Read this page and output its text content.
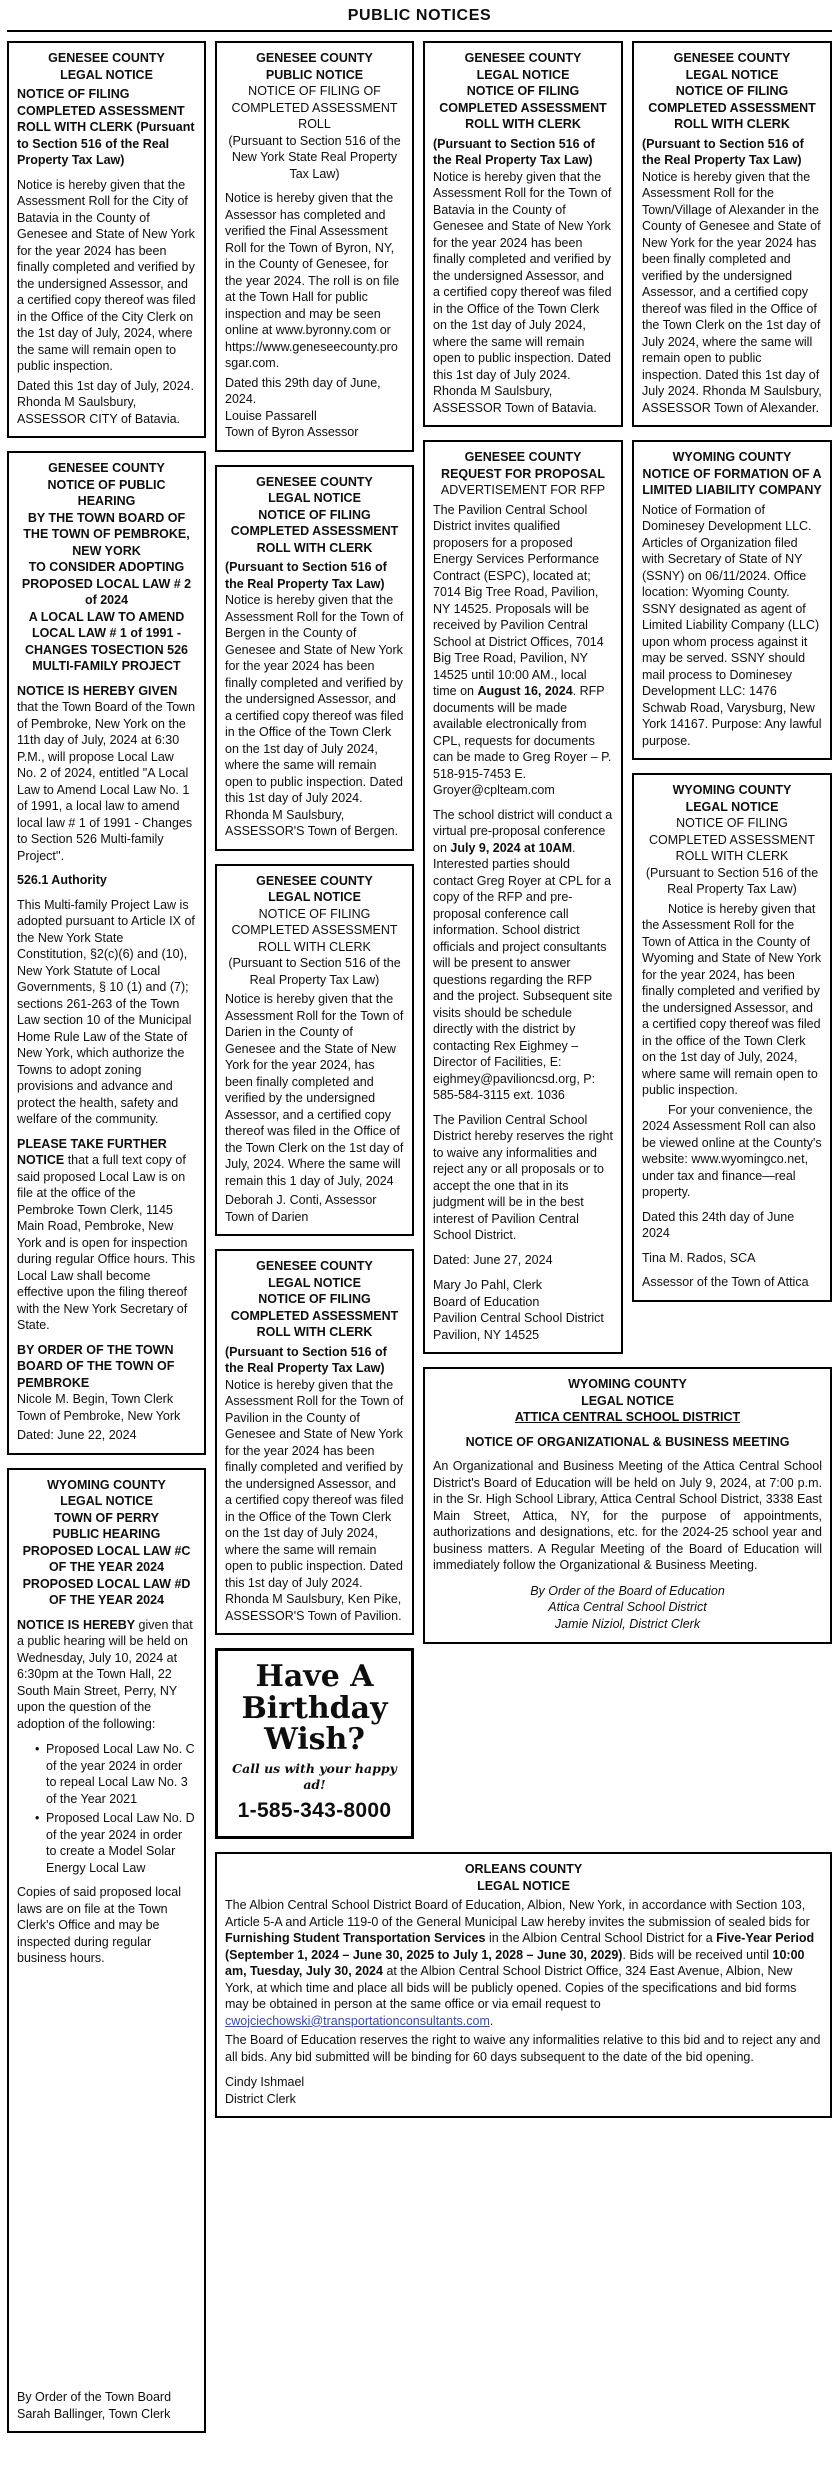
PUBLIC NOTICES
GENESEE COUNTY
LEGAL NOTICE

NOTICE OF FILING COMPLETED ASSESSMENT ROLL WITH CLERK (Pursuant to Section 516 of the Real Property Tax Law)

Notice is hereby given that the Assessment Roll for the City of Batavia in the County of Genesee and State of New York for the year 2024 has been finally completed and verified by the undersigned Assessor, and a certified copy thereof was filed in the Office of the City Clerk on the 1st day of July, 2024, where the same will remain open to public inspection.

Dated this 1st day of July, 2024. Rhonda M Saulsbury, ASSESSOR CITY of Batavia.

GENESEE COUNTY
NOTICE OF PUBLIC HEARING
BY THE TOWN BOARD OF THE TOWN OF PEMBROKE, NEW YORK
TO CONSIDER ADOPTING PROPOSED LOCAL LAW # 2 of 2024
A LOCAL LAW TO AMEND LOCAL LAW # 1 of 1991 - CHANGES TOSECTION 526 MULTI-FAMILY PROJECT

NOTICE IS HEREBY GIVEN that the Town Board of the Town of Pembroke, New York on the 11th day of July, 2024 at 6:30 P.M., will propose Local Law No. 2 of 2024, entitled "A Local Law to Amend Local Law No. 1 of 1991, a local law to amend local law # 1 of 1991 - Changes to Section 526 Multi-family Project''.

526.1 Authority

This Multi-family Project Law is adopted pursuant to Article IX of the New York State Constitution, §2(c)(6) and (10), New York Statute of Local Governments, § 10 (1) and (7); sections 261-263 of the Town Law section 10 of the Municipal Home Rule Law of the State of New York, which authorize the Towns to adopt zoning provisions and advance and protect the health, safety and welfare of the community.

PLEASE TAKE FURTHER NOTICE that a full text copy of said proposed Local Law is on file at the office of the Pembroke Town Clerk, 1145 Main Road, Pembroke, New York and is open for inspection during regular Office hours. This Local Law shall become effective upon the filing thereof with the New York Secretary of State.

BY ORDER OF THE TOWN BOARD OF THE TOWN OF PEMBROKE

Nicole M. Begin, Town Clerk
Town of Pembroke, New York

Dated: June 22, 2024

WYOMING COUNTY
LEGAL NOTICE
TOWN OF PERRY
PUBLIC HEARING
PROPOSED LOCAL LAW #C OF THE YEAR 2024
PROPOSED LOCAL LAW #D OF THE YEAR 2024

NOTICE IS HEREBY given that a public hearing will be held on Wednesday, July 10, 2024 at 6:30pm at the Town Hall, 22 South Main Street, Perry, NY upon the question of the adoption of the following:

• Proposed Local Law No. C of the year 2024 in order to repeal Local Law No. 3 of the Year 2021
• Proposed Local Law No. D of the year 2024 in order to create a Model Solar Energy Local Law

Copies of said proposed local laws are on file at the Town Clerk's Office and may be inspected during regular business hours.

By Order of the Town Board

Sarah Ballinger, Town Clerk
GENESEE COUNTY
PUBLIC NOTICE
NOTICE OF FILING OF COMPLETED ASSESSMENT ROLL
(Pursuant to Section 516 of the New York State Real Property Tax Law)

Notice is hereby given that the Assessor has completed and verified the Final Assessment Roll for the Town of Byron, NY, in the County of Genesee, for the year 2024. The roll is on file at the Town Hall for public inspection and may be seen online at www.byronny.com or https://www.geneseecounty.prosgar.com.

Dated this 29th day of June, 2024.

Louise Passarell
Town of Byron Assessor
GENESEE COUNTY
LEGAL NOTICE
NOTICE OF FILING COMPLETED ASSESSMENT ROLL WITH CLERK

(Pursuant to Section 516 of the Real Property Tax Law) Notice is hereby given that the Assessment Roll for the Town of Bergen in the County of Genesee and State of New York for the year 2024 has been finally completed and verified by the undersigned Assessor, and a certified copy thereof was filed in the Office of the Town Clerk on the 1st day of July 2024, where the same will remain open to public inspection. Dated this 1st day of July 2024. Rhonda M Saulsbury, ASSESSOR'S Town of Bergen.

GENESEE COUNTY
LEGAL NOTICE
NOTICE OF FILING COMPLETED ASSESSMENT ROLL WITH CLERK
(Pursuant to Section 516 of the Real Property Tax Law)

Notice is hereby given that the Assessment Roll for the Town of Darien in the County of Genesee and the State of New York for the year 2024, has been finally completed and verified by the undersigned Assessor, and a certified copy thereof was filed in the Office of the Town Clerk on the 1st day of July, 2024. Where the same will remain this 1 day of July, 2024

Deborah J. Conti, Assessor Town of Darien

GENESEE COUNTY
LEGAL NOTICE
NOTICE OF FILING COMPLETED ASSESSMENT ROLL WITH CLERK

(Pursuant to Section 516 of the Real Property Tax Law) Notice is hereby given that the Assessment Roll for the Town of Pavilion in the County of Genesee and State of New York for the year 2024 has been finally completed and verified by the undersigned Assessor, and a certified copy thereof was filed in the Office of the Town Clerk on the 1st day of July 2024, where the same will remain open to public inspection. Dated this 1st day of July 2024. Rhonda M Saulsbury, Ken Pike, ASSESSOR'S Town of Pavilion.

Have A
Birthday
Wish?
Call us with your happy ad!
1-585-343-8000
GENESEE COUNTY
LEGAL NOTICE
NOTICE OF FILING COMPLETED ASSESSMENT ROLL WITH CLERK

(Pursuant to Section 516 of the Real Property Tax Law) Notice is hereby given that the Assessment Roll for the Town of Batavia in the County of Genesee and State of New York for the year 2024 has been finally completed and verified by the undersigned Assessor, and a certified copy thereof was filed in the Office of the Town Clerk on the 1st day of July 2024, where the same will remain open to public inspection. Dated this 1st day of July 2024. Rhonda M Saulsbury, ASSESSOR Town of Batavia.

GENESEE COUNTY
REQUEST FOR PROPOSAL
ADVERTISEMENT FOR RFP

The Pavilion Central School District invites qualified proposers for a proposed Energy Services Performance Contract (ESPC), located at; 7014 Big Tree Road, Pavilion, NY 14525. Proposals will be received by Pavilion Central School at District Offices, 7014 Big Tree Road, Pavilion, NY 14525 until 10:00 AM., local time on August 16, 2024. RFP documents will be made available electronically from CPL, requests for documents can be made to Greg Royer – P. 518-915-7453 E. Groyer@cplteam.com

The school district will conduct a virtual pre-proposal conference on July 9, 2024 at 10AM. Interested parties should contact Greg Royer at CPL for a copy of the RFP and pre-proposal conference call information. School district officials and project consultants will be present to answer questions regarding the RFP and the project. Subsequent site visits should be schedule directly with the district by contacting Rex Eighmey – Director of Facilities, E: eighmey@pavilioncsd.org, P: 585-584-3115 ext. 1036

The Pavilion Central School District hereby reserves the right to waive any informalities and reject any or all proposals or to accept the one that in its judgment will be in the best interest of Pavilion Central School District.

Dated: June 27, 2024

Mary Jo Pahl, Clerk
Board of Education
Pavilion Central School District
Pavilion, NY 14525
GENESEE COUNTY
LEGAL NOTICE
NOTICE OF FILING COMPLETED ASSESSMENT ROLL WITH CLERK

(Pursuant to Section 516 of the Real Property Tax Law) Notice is hereby given that the Assessment Roll for the Town/Village of Alexander in the County of Genesee and State of New York for the year 2024 has been finally completed and verified by the undersigned Assessor, and a certified copy thereof was filed in the Office of the Town Clerk on the 1st day of July 2024, where the same will remain open to public inspection. Dated this 1st day of July 2024. Rhonda M Saulsbury, ASSESSOR Town of Alexander.

WYOMING COUNTY
NOTICE OF FORMATION OF A LIMITED LIABILITY COMPANY

Notice of Formation of Dominesey Development LLC. Articles of Organization filed with Secretary of State of NY (SSNY) on 06/11/2024. Office location: Wyoming County. SSNY designated as agent of Limited Liability Company (LLC) upon whom process against it may be served. SSNY should mail process to Dominesey Development LLC: 1476 Schwab Road, Varysburg, New York 14167. Purpose: Any lawful purpose.

WYOMING COUNTY
LEGAL NOTICE
NOTICE OF FILING COMPLETED ASSESSMENT ROLL WITH CLERK
(Pursuant to Section 516 of the Real Property Tax Law)

Notice is hereby given that the Assessment Roll for the Town of Attica in the County of Wyoming and State of New York for the year 2024, has been finally completed and verified by the undersigned Assessor, and a certified copy thereof was filed in the office of the Town Clerk on the 1st day of July, 2024, where same will remain open to public inspection.

For your convenience, the 2024 Assessment Roll can also be viewed online at the County's website: www.wyomingco.net, under tax and finance—real property.

Dated this 24th day of June 2024

Tina M. Rados, SCA

Assessor of the Town of Attica

WYOMING COUNTY
LEGAL NOTICE
ATTICA CENTRAL SCHOOL DISTRICT
NOTICE OF ORGANIZATIONAL & BUSINESS MEETING

An Organizational and Business Meeting of the Attica Central School District's Board of Education will be held on July 9, 2024, at 7:00 p.m. in the Sr. High School Library, Attica Central School District, 3338 East Main Street, Attica, NY, for the purpose of appointments, authorizations and designations, etc. for the 2024-25 school year and business matters. A Regular Meeting of the Board of Education will immediately follow the Organizational & Business Meeting.

By Order of the Board of Education
Attica Central School District
Jamie Niziol, District Clerk
ORLEANS COUNTY
LEGAL NOTICE

The Albion Central School District Board of Education, Albion, New York, in accordance with Section 103, Article 5-A and Article 119-0 of the General Municipal Law hereby invites the submission of sealed bids for Furnishing Student Transportation Services in the Albion Central School District for a Five-Year Period (September 1, 2024 – June 30, 2025 to July 1, 2028 – June 30, 2029). Bids will be received until 10:00 am, Tuesday, July 30, 2024 at the Albion Central School District Office, 324 East Avenue, Albion, New York, at which time and place all bids will be publicly opened. Copies of the specifications and bid forms may be obtained in person at the same office or via email request to cwojciechowski@transportationconsultants.com.

The Board of Education reserves the right to waive any informalities relative to this bid and to reject any and all bids. Any bid submitted will be binding for 60 days subsequent to the date of the bid opening.

Cindy Ishmael
District Clerk
